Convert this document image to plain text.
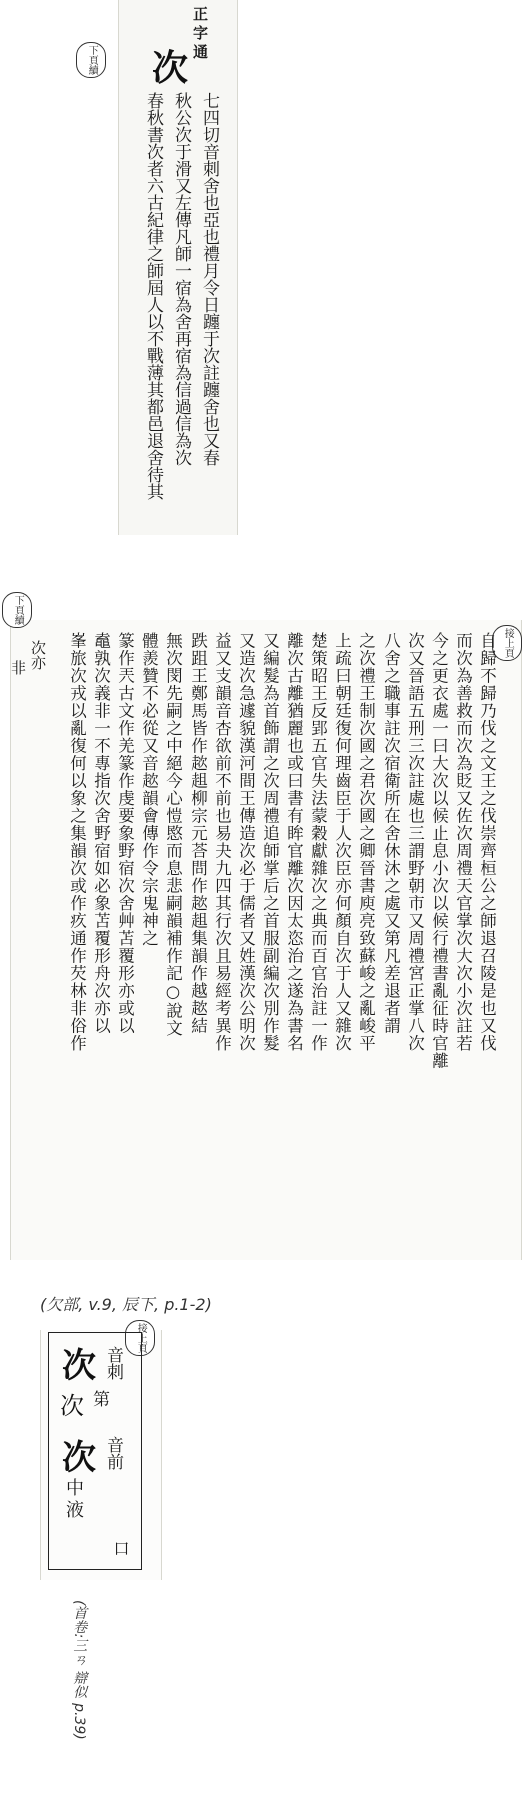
正字通
下頁續 次
七四切音刺舍也亞也禮月令日躔于次註躔舍也又春
秋公次于滑又左傳凡師一宿為舍再宿為信過信為次
春秋書次者六古紀律之師屆人以不戰薄其都邑退舍待其
下頁續
接上頁
自歸不歸乃伐之文王之伐崇齊桓公之師退召陵是也又伐
而次為善救而次為貶又佐次周禮天官掌次大次小次註若
今之更衣處一曰大次以候止息小次以候行禮書亂征時官離
次又晉語五刑三次註處也三謂野朝市又周禮宮正掌八次
八舍之職事註次宿衛所在舍休沐之處又第凡差退者謂
之次禮王制次國之君次國之卿晉書庾亮致蘇峻之亂峻平
上疏曰朝廷復何理齒臣于人次臣亦何顏自次于人又雜次
楚策昭王反郢五官失法蒙穀獻雜次之典而百官治註一作
離次古離猶麗也或曰書有眸官離次因太恣治之遂為書名
又編髮為首飾謂之次周禮追師掌后之首服副編次別作髮
又造次急遽貌漢河間王傳造次必于儒者又姓漢次公明次
益又支韻音杏欲前不前也易夬九四其行次且易經考異作
跌跙王鄭馬皆作趑趄柳宗元荅問作趑趄集韻作越趑結
無次閔先嗣之中絕今心愷愍而息悲嗣韻補作記○說文
體羨贊不必從又音趑韻會傳作令宗鬼神之
篆作兲古文作羌篆作虔要象野宿次舍艸苫覆形亦或以
鼁孰次義非一不專指次舍野宿如必象苫覆形舟次亦以
峯旅次戎以亂復何以象之集韻次或作疚通作芡林非俗作
次亦
非
(欠部, v.9, 辰下, p.1-2)
接上頁
次 音刺
次 第
次 音前
中液
口
(首卷:三ㄢ 辯似 p.39)
